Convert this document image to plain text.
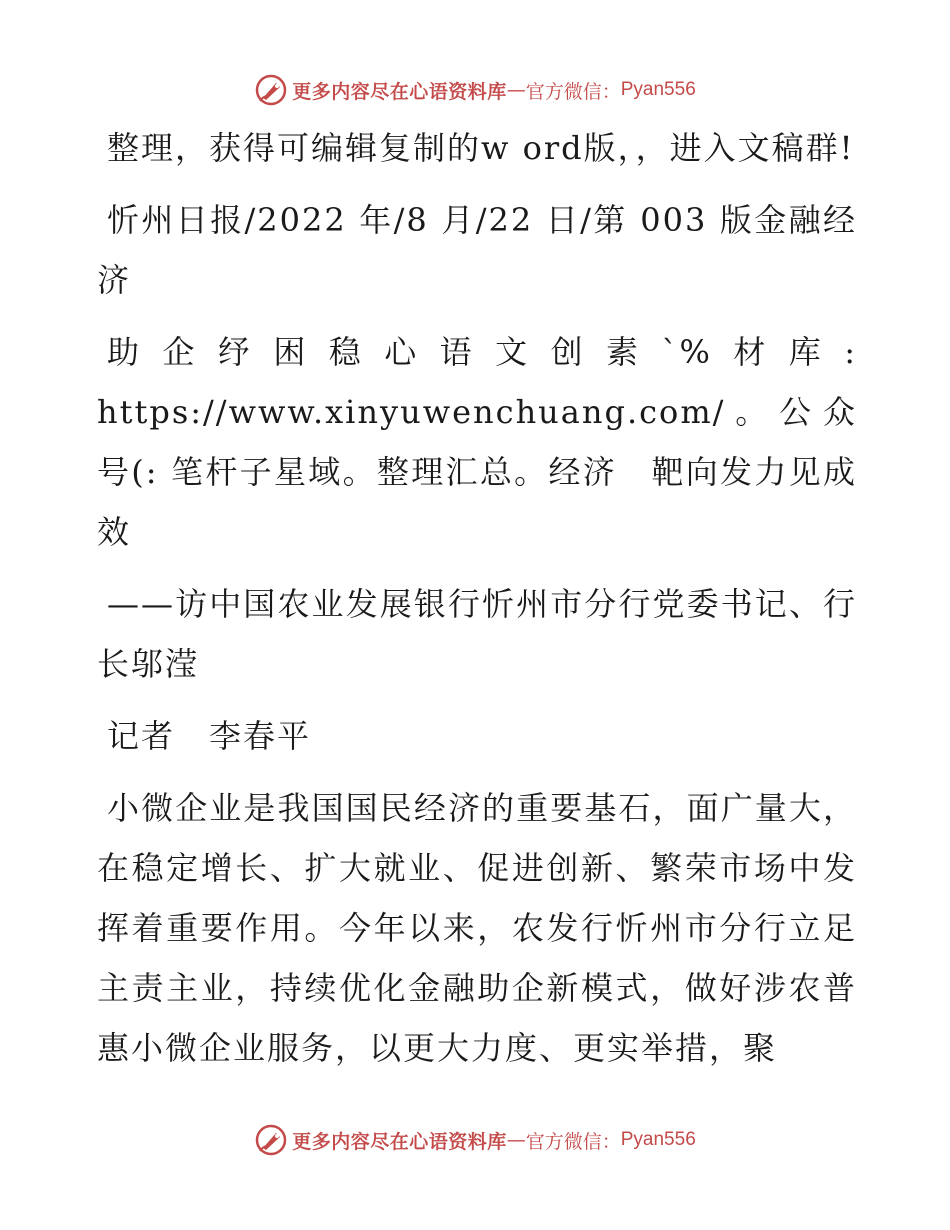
更多内容尽在心语资料库 — 官方微信： Pyan556

整理，获得可编辑复制的w ord版，，进入文稿群!

忻州日报/2022 年/8 月/22 日/第 003 版金融经济

助企纾困稳心语文创素`%材库: https://www.xinyuwenchuang.com/。公众号(: 笔杆子星域。整理汇总。经济　靶向发力见成效

——访中国农业发展银行忻州市分行党委书记、行长邬滢

记者　李春平

小微企业是我国国民经济的重要基石，面广量大，在稳定增长、扩大就业、促进创新、繁荣市场中发挥着重要作用。今年以来，农发行忻州市分行立足主责主业，持续优化金融助企新模式，做好涉农普惠小微企业服务，以更大力度、更实举措，聚

更多内容尽在心语资料库 — 官方微信： Pyan556
